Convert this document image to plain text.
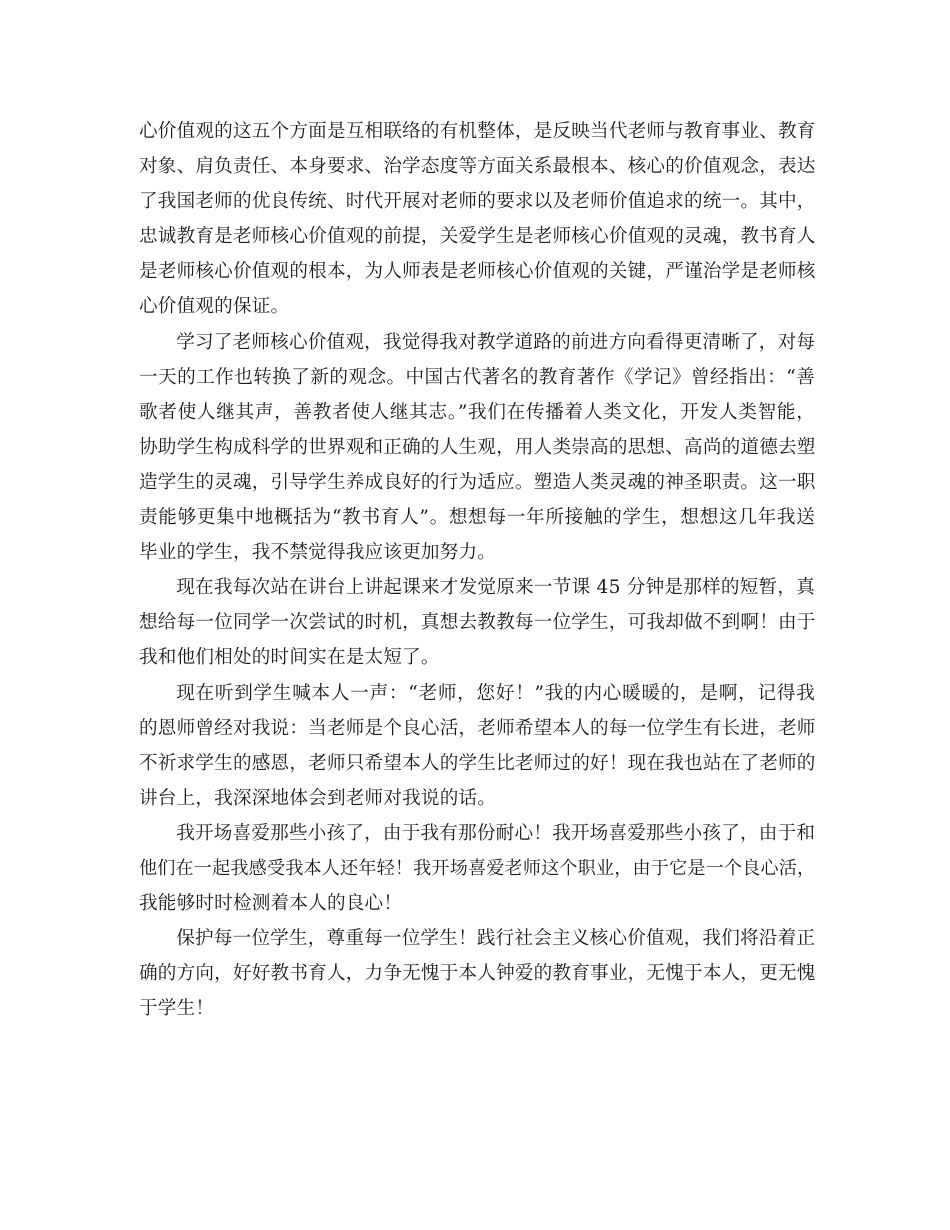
心价值观的这五个方面是互相联络的有机整体，是反映当代老师与教育事业、教育
对象、肩负责任、本身要求、治学态度等方面关系最根本、核心的价值观念，表达
了我国老师的优良传统、时代开展对老师的要求以及老师价值追求的统一。其中，
忠诚教育是老师核心价值观的前提，关爱学生是老师核心价值观的灵魂，教书育人
是老师核心价值观的根本，为人师表是老师核心价值观的关键，严谨治学是老师核
心价值观的保证。
学习了老师核心价值观，我觉得我对教学道路的前进方向看得更清晰了，对每
一天的工作也转换了新的观念。中国古代著名的教育著作《学记》曾经指出：“善
歌者使人继其声，善教者使人继其志。”我们在传播着人类文化，开发人类智能，
协助学生构成科学的世界观和正确的人生观，用人类崇高的思想、高尚的道德去塑
造学生的灵魂，引导学生养成良好的行为适应。塑造人类灵魂的神圣职责。这一职
责能够更集中地概括为“教书育人”。想想每一年所接触的学生，想想这几年我送
毕业的学生，我不禁觉得我应该更加努力。
现在我每次站在讲台上讲起课来才发觉原来一节课 45 分钟是那样的短暂，真
想给每一位同学一次尝试的时机，真想去教教每一位学生，可我却做不到啊！由于
我和他们相处的时间实在是太短了。
现在听到学生喊本人一声：“老师，您好！”我的内心暖暖的，是啊，记得我
的恩师曾经对我说：当老师是个良心活，老师希望本人的每一位学生有长进，老师
不祈求学生的感恩，老师只希望本人的学生比老师过的好！现在我也站在了老师的
讲台上，我深深地体会到老师对我说的话。
我开场喜爱那些小孩了，由于我有那份耐心！我开场喜爱那些小孩了，由于和
他们在一起我感受我本人还年轻！我开场喜爱老师这个职业，由于它是一个良心活，
我能够时时检测着本人的良心！
保护每一位学生，尊重每一位学生！践行社会主义核心价值观，我们将沿着正
确的方向，好好教书育人，力争无愧于本人钟爱的教育事业，无愧于本人，更无愧
于学生！
